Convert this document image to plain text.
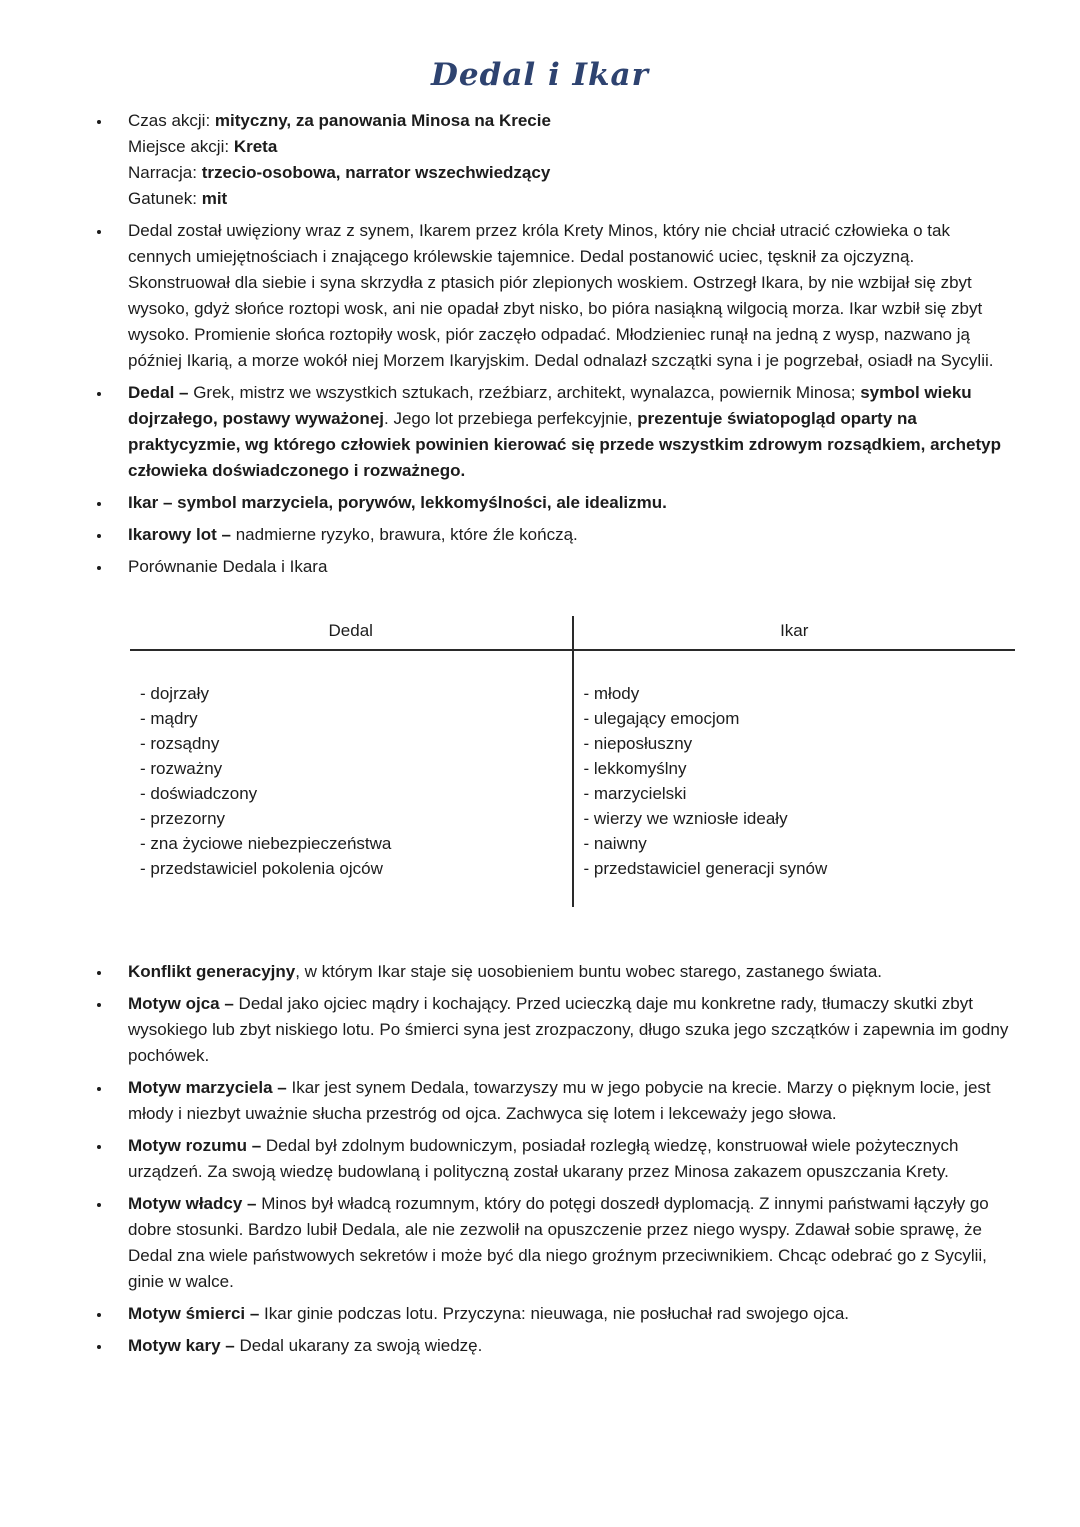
Dedal i Ikar
• Czas akcji: mityczny, za panowania Minosa na Krecie
Miejsce akcji: Kreta
Narracja: trzecio-osobowa, narrator wszechwiedzący
Gatunek: mit
• Dedal został uwięziony wraz z synem, Ikarem przez króla Krety Minos, który nie chciał utracić człowieka o tak cennych umiejętnościach i znającego królewskie tajemnice. Dedal postanowić uciec, tęsknił za ojczyzną. Skonstruował dla siebie i syna skrzydła z ptasich piór zlepionych woskiem. Ostrzegł Ikara, by nie wzbijał się zbyt wysoko, gdyż słońce roztopi wosk, ani nie opadał zbyt nisko, bo pióra nasiąkną wilgocią morza. Ikar wzbił się zbyt wysoko. Promienie słońca roztopiły wosk, piór zaczęło odpadać. Młodzieniec runął na jedną z wysp, nazwano ją później Ikarią, a morze wokół niej Morzem Ikaryjskim. Dedal odnalazł szczątki syna i je pogrzebał, osiadł na Sycylii.
• Dedal – Grek, mistrz we wszystkich sztukach, rzeźbiarz, architekt, wynalazca, powiernik Minosa; symbol wieku dojrzałego, postawy wyważonej. Jego lot przebiega perfekcyjnie, prezentuje światopogląd oparty na praktycyzmie, wg którego człowiek powinien kierować się przede wszystkim zdrowym rozsądkiem, archetyp człowieka doświadczonego i rozważnego.
• Ikar – symbol marzyciela, porywów, lekkomyślności, ale idealizmu.
• Ikarowy lot – nadmierne ryzyko, brawura, które źle kończą.
• Porównanie Dedala i Ikara
Dedal	Ikar

- dojrzały
- mądry
- rozsądny
- rozważny
- doświadczony
- przezorny
- zna życiowe niebezpieczeństwa
- przedstawiciel pokolenia ojców

- młody
- ulegający emocjom
- nieposłuszny
- lekkomyślny
- marzycielski
- wierzy we wzniosłe ideały
- naiwny
- przedstawiciel generacji synów
• Konflikt generacyjny, w którym Ikar staje się uosobieniem buntu wobec starego, zastanego świata.
• Motyw ojca – Dedal jako ojciec mądry i kochający. Przed ucieczką daje mu konkretne rady, tłumaczy skutki zbyt wysokiego lub zbyt niskiego lotu. Po śmierci syna jest zrozpaczony, długo szuka jego szczątków i zapewnia im godny pochówek.
• Motyw marzyciela – Ikar jest synem Dedala, towarzyszy mu w jego pobycie na krecie. Marzy o pięknym locie, jest młody i niezbyt uważnie słucha przestróg od ojca. Zachwyca się lotem i lekceważy jego słowa.
• Motyw rozumu – Dedal był zdolnym budowniczym, posiadał rozległą wiedzę, konstruował wiele pożytecznych urządzeń. Za swoją wiedzę budowlaną i polityczną został ukarany przez Minosa zakazem opuszczania Krety.
• Motyw władcy – Minos był władcą rozumnym, który do potęgi doszedł dyplomacją. Z innymi państwami łączyły go dobre stosunki. Bardzo lubił Dedala, ale nie zezwolił na opuszczenie przez niego wyspy. Zdawał sobie sprawę, że Dedal zna wiele państwowych sekretów i może być dla niego groźnym przeciwnikiem. Chcąc odebrać go z Sycylii, ginie w walce.
• Motyw śmierci – Ikar ginie podczas lotu. Przyczyna: nieuwaga, nie posłuchał rad swojego ojca.
• Motyw kary – Dedal ukarany za swoją wiedzę.
